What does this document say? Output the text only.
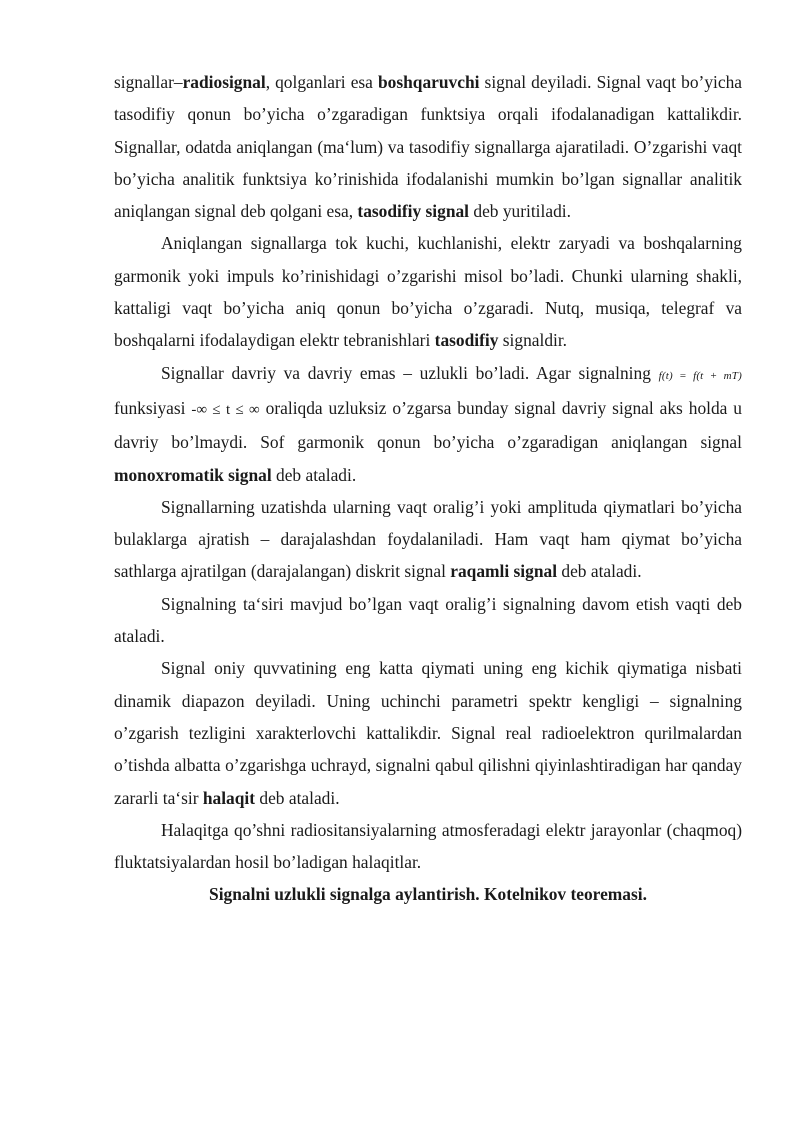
signallar–radiosignal, qolganlari esa boshqaruvchi signal deyiladi. Signal vaqt bo’yicha tasodifiy qonun bo’yicha o’zgaradigan funktsiya orqali ifodalanadigan kattalikdir. Signallar, odatda aniqlangan (ma‘lum) va tasodifiy signallarga ajaratiladi. O’zgarishi vaqt bo’yicha analitik funktsiya ko’rinishida ifodalanishi mumkin bo’lgan signallar analitik aniqlangan signal deb qolgani esa, tasodifiy signal deb yuritiladi.

Aniqlangan signallarga tok kuchi, kuchlanishi, elektr zaryadi va boshqalarning garmonik yoki impuls ko’rinishidagi o’zgarishi misol bo’ladi. Chunki ularning shakli, kattaligi vaqt bo’yicha aniq qonun bo’yicha o’zgaradi. Nutq, musiqa, telegraf va boshqalarni ifodalaydigan elektr tebranishlari tasodifiy signaldir.

Signallar davriy va davriy emas – uzlukli bo’ladi. Agar signalning f(t) = f(t + mT) funksiyasi -∞ ≤ t ≤ ∞ oraliqda uzluksiz o’zgarsa bunday signal davriy signal aks holda u davriy bo’lmaydi. Sof garmonik qonun bo’yicha o’zgaradigan aniqlangan signal monoxromatik signal deb ataladi.

Signallarning uzatishda ularning vaqt oralig’i yoki amplituda qiymatlari bo’yicha bulaklarga ajratish – darajalashdan foydalaniladi. Ham vaqt ham qiymat bo’yicha sathlarga ajratilgan (darajalangan) diskrit signal raqamli signal deb ataladi.

Signalning ta‘siri mavjud bo’lgan vaqt oralig’i signalning davom etish vaqti deb ataladi.

Signal oniy quvvatining eng katta qiymati uning eng kichik qiymatiga nisbati dinamik diapazon deyiladi. Uning uchinchi parametri spektr kengligi – signalning o’zgarish tezligini xarakterlovchi kattalikdir. Signal real radioelektron qurilmalardan o’tishda albatta o’zgarishga uchrayd, signalni qabul qilishni qiyinlashtiradigan har qanday zararli ta‘sir halaqit deb ataladi.

Halaqitga qo’shni radiositansiyalarning atmosferadagi elektr jarayonlar (chaqmoq) fluktatsiyalardan hosil bo’ladigan halaqitlar.

Signalni uzlukli signalga aylantirish. Kotelnikov teoremasi.
